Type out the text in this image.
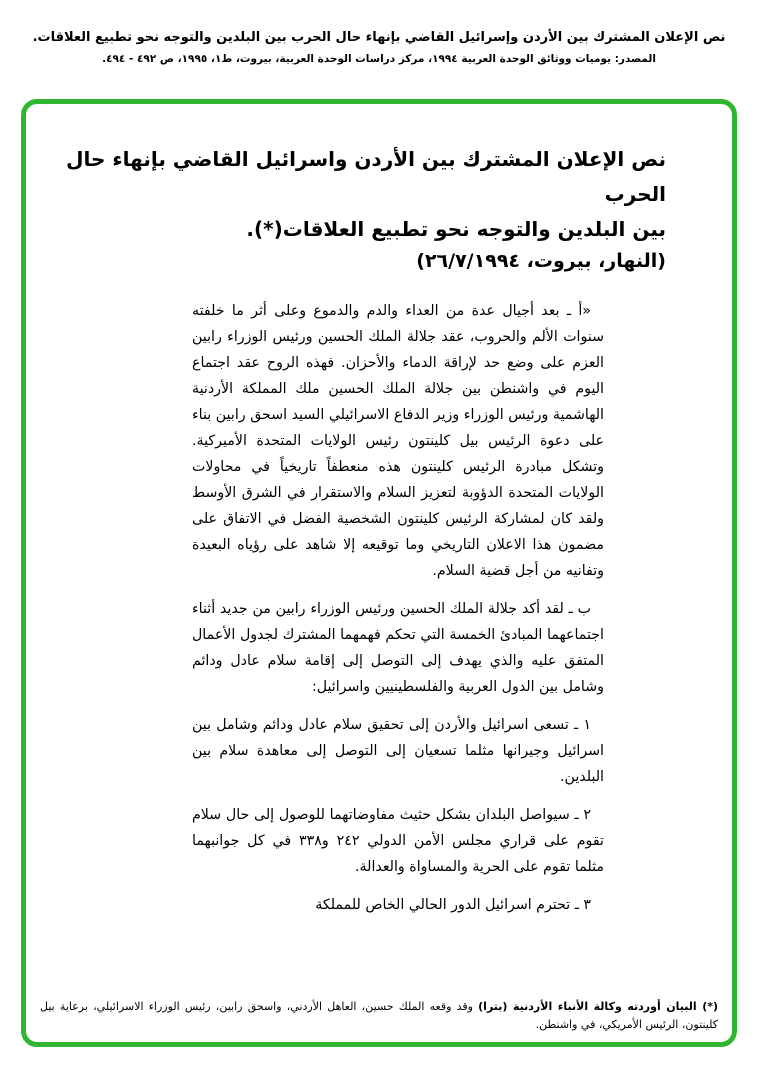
نص الإعلان المشترك بين الأردن وإسرائيل القاضي بإنهاء حال الحرب بين البلدين والتوجه نحو تطبيع العلاقات.
المصدر: يوميات ووثائق الوحدة العربية ١٩٩٤، مركز دراسات الوحدة العربية، بيروت، ط١، ١٩٩٥، ص ٤٩٢ - ٤٩٤.
نص الإعلان المشترك بين الأردن واسرائيل القاضي بإنهاء حال الحرب
بين البلدين والتوجه نحو تطبيع العلاقات(*).
(النهار، بيروت، ٢٦/٧/١٩٩٤)

«أ ـ بعد أجيال عدة من العداء والدم والدموع وعلى أثر ما خلفته سنوات الألم والحروب، عقد جلالة الملك الحسين ورئيس الوزراء رابين العزم على وضع حد لإراقة الدماء والأحزان. فهذه الروح عقد اجتماع اليوم في واشنطن بين جلالة الملك الحسين ملك المملكة الأردنية الهاشمية ورئيس الوزراء وزير الدفاع الاسرائيلي السيد اسحق رابين بناء على دعوة الرئيس بيل كلينتون رئيس الولايات المتحدة الأميركية. وتشكل مبادرة الرئيس كلينتون هذه منعطفاً تاريخياً في محاولات الولايات المتحدة الدؤوبة لتعزيز السلام والاستقرار في الشرق الأوسط ولقد كان لمشاركة الرئيس كلينتون الشخصية الفضل في الاتفاق على مضمون هذا الاعلان التاريخي وما توقيعه إلا شاهد على رؤياه البعيدة وتفانيه من أجل قضية السلام.

ب ـ لقد أكد جلالة الملك الحسين ورئيس الوزراء رابين من جديد أثناء اجتماعهما المبادئ الخمسة التي تحكم فهمهما المشترك لجدول الأعمال المتفق عليه والذي يهدف إلى التوصل إلى إقامة سلام عادل ودائم وشامل بين الدول العربية والفلسطينيين واسرائيل:

١ ـ تسعى اسرائيل والأردن إلى تحقيق سلام عادل ودائم وشامل بين اسرائيل وجيرانها مثلما تسعيان إلى التوصل إلى معاهدة سلام بين البلدين.

٢ ـ سيواصل البلدان بشكل حثيث مفاوضاتهما للوصول إلى حال سلام تقوم على قراري مجلس الأمن الدولي ٢٤٢ و٣٣٨ في كل جوانبهما مثلما تقوم على الحرية والمساواة والعدالة.

٣ ـ تحترم اسرائيل الدور الحالي الخاص للمملكة

(*) البيان أوردته وكالة الأنباء الأردنية (بترا) وقد وقعه الملك حسين، العاهل الأردني، واسحق رابين، رئيس الوزراء الاسرائيلي، برعاية بيل كلينتون، الرئيس الأمريكي، في واشنطن.
